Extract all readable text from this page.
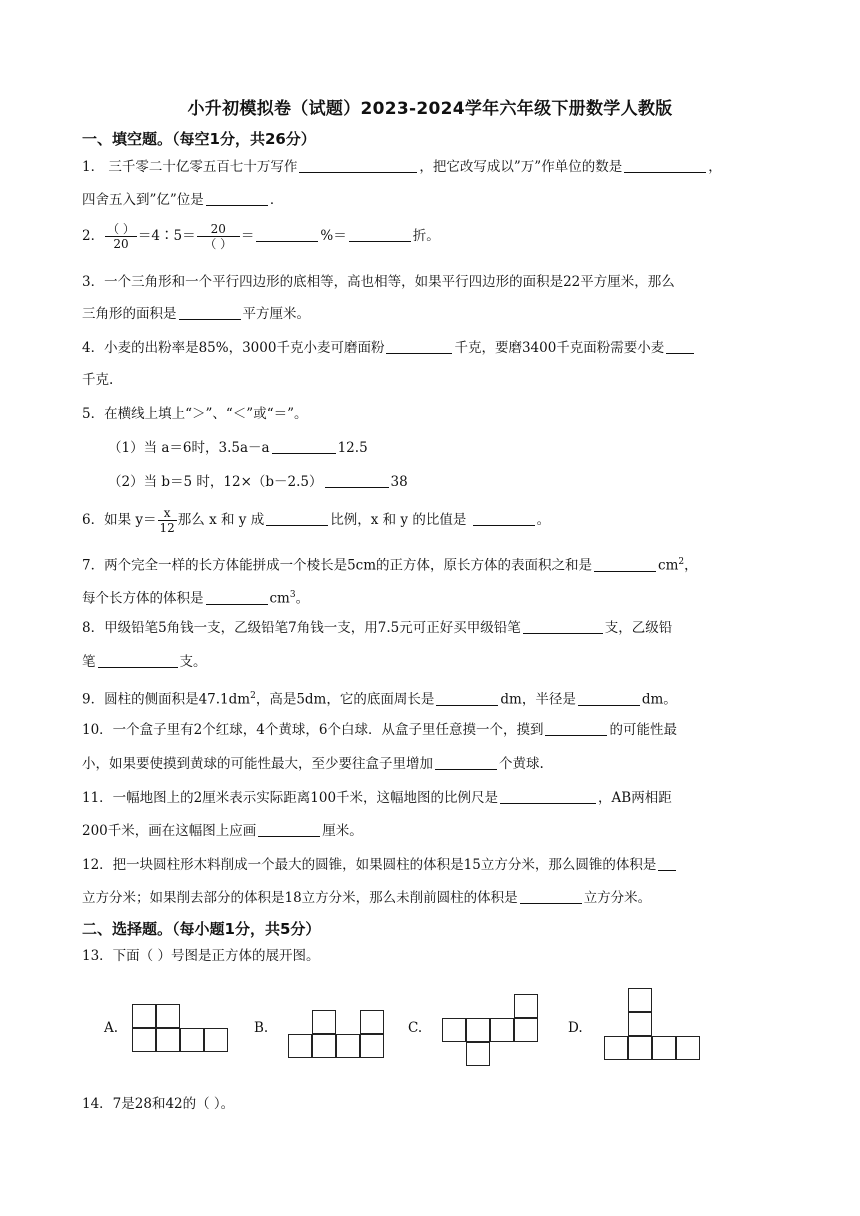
小升初模拟卷（试题）2023-2024学年六年级下册数学人教版
一、填空题。（每空1分，共26分）
1． 三千零二十亿零五百七十万写作	，把它改写成以”万”作单位的数是	，
四舍五入到”亿”位是	．
2． $\frac{( )}{20}$ ＝4∶5＝ $\frac{20}{( )}$ ＝	%＝	折。
3．一个三角形和一个平行四边形的底相等，高也相等，如果平行四边形的面积是22平方厘米，那么
三角形的面积是	平方厘米。
4．小麦的出粉率是85%，3000千克小麦可磨面粉	千克，要磨3400千克面粉需要小麦
千克.
5．在横线上填上“＞”、“＜”或“＝”。
（1）当 a＝6时，3.5a－a	12.5
（2）当 b＝5 时，12×（b－2.5）	38
6．如果 $y= \frac{x}{12}$ 那么 x 和 y 成	比例，x 和 y 的比值是	。
7．两个完全一样的长方体能拼成一个棱长是5cm的正方体，原长方体的表面积之和是	$cm^2$，
每个长方体的体积是	$cm^3$。
8．甲级铅笔5角钱一支，乙级铅笔7角钱一支，用7.5元可正好买甲级铅笔	支，乙级铅
笔	支。
9．圆柱的侧面积是$47.1dm^2$，高是5dm，它的底面周长是	dm，半径是	dm。
10．一个盒子里有2个红球，4个黄球，6个白球．从盒子里任意摸一个，摸到	的可能性最
小，如果要使摸到黄球的可能性最大，至少要往盒子里增加	个黄球.
11．一幅地图上的2厘米表示实际距离100千米，这幅地图的比例尺是	，AB两相距
200千米，画在这幅图上应画	厘米。
12．把一块圆柱形木料削成一个最大的圆锥，如果圆柱的体积是15立方分米，那么圆锥的体积是
立方分米；如果削去部分的体积是18立方分米，那么未削前圆柱的体积是	立方分米。
二、选择题。（每小题1分，共5分）
13．下面（ ）号图是正方体的展开图。
A.	B.	C.	D.
14．7是28和42的（ ）。
